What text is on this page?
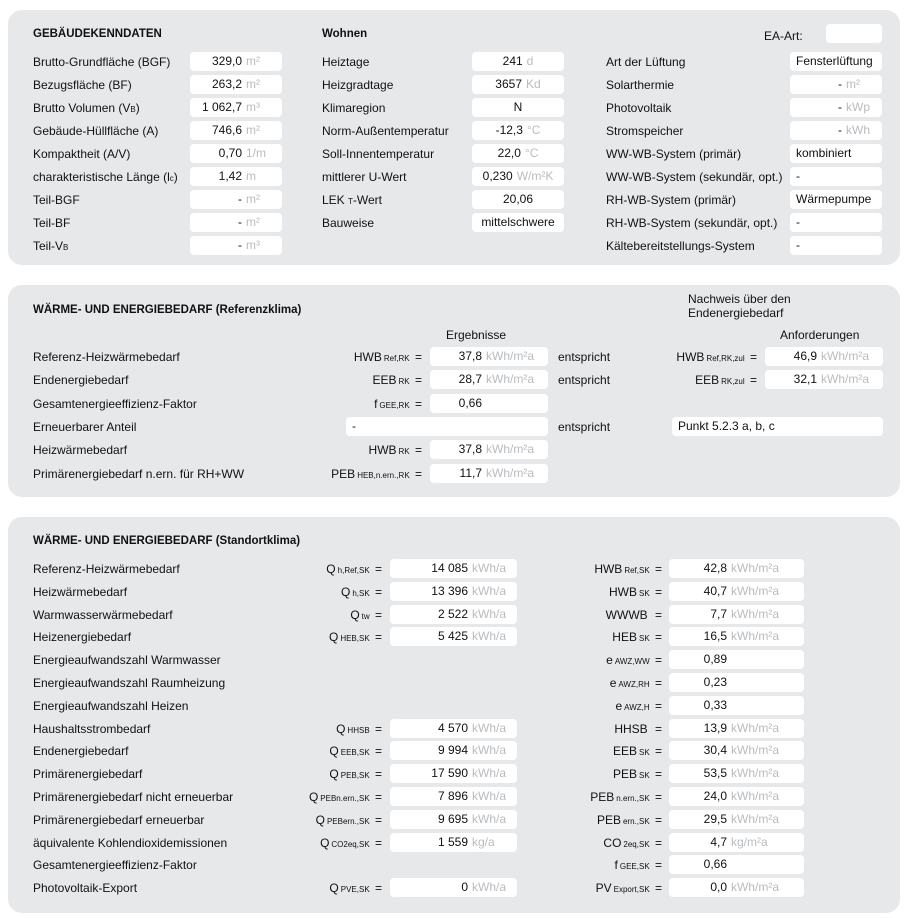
GEBÄUDEKENNDATEN	Wohnen	EA-Art:
Brutto-Grundfläche (BGF)	329,0 m²
Bezugsfläche (BF)	263,2 m²
Brutto Volumen (VB)	1 062,7 m³
Gebäude-Hüllfläche (A)	746,6 m²
Kompaktheit (A/V)	0,70 1/m
charakteristische Länge (lc)	1,42 m
Teil-BGF	- m²
Teil-BF	- m²
Teil-VB	- m³
Heiztage	241 d
Heizgradtage	3657 Kd
Klimaregion	N
Norm-Außentemperatur	-12,3 °C
Soll-Innentemperatur	22,0 °C
mittlerer U-Wert	0,230 W/m²K
LEK T-Wert	20,06
Bauweise	mittelschwere
Art der Lüftung	Fensterlüftung
Solarthermie	- m²
Photovoltaik	- kWp
Stromspeicher	- kWh
WW-WB-System (primär)	kombiniert
WW-WB-System (sekundär, opt.)	-
RH-WB-System (primär)	Wärmepumpe
RH-WB-System (sekundär, opt.)	-
Kältebereitstellungs-System	-
WÄRME- UND ENERGIEBEDARF (Referenzklima)
Nachweis über den
Endenergiebedarf
Ergebnisse	Anforderungen
Referenz-Heizwärmebedarf	HWB Ref,RK =	37,8 kWh/m²a	entspricht	HWB Ref,RK,zul =	46,9 kWh/m²a
Endenergiebedarf	EEB RK =	28,7 kWh/m²a	entspricht	EEB RK,zul =	32,1 kWh/m²a
Gesamtenergieeffizienz-Faktor	fGEE,RK =	0,66
Erneuerbarer Anteil	-	entspricht	Punkt 5.2.3 a, b, c
Heizwärmebedarf	HWB RK =	37,8 kWh/m²a
Primärenergiebedarf n.ern. für RH+WW	PEB HEB,n.ern.,RK =	11,7 kWh/m²a
WÄRME- UND ENERGIEBEDARF (Standortklima)
Referenz-Heizwärmebedarf	Qh,Ref,SK =	14 085 kWh/a	HWB Ref,SK =	42,8 kWh/m²a
Heizwärmebedarf	Qh,SK =	13 396 kWh/a	HWB SK =	40,7 kWh/m²a
Warmwasserwärmebedarf	Qtw =	2 522 kWh/a	WWWB =	7,7 kWh/m²a
Heizenergiebedarf	QHEB,SK =	5 425 kWh/a	HEB SK =	16,5 kWh/m²a
Energieaufwandszahl Warmwasser	eAWZ,WW =	0,89
Energieaufwandszahl Raumheizung	eAWZ,RH =	0,23
Energieaufwandszahl Heizen	eAWZ,H =	0,33
Haushaltsstrombedarf	QHHSB =	4 570 kWh/a	HHSB =	13,9 kWh/m²a
Endenergiebedarf	QEEB,SK =	9 994 kWh/a	EEB SK =	30,4 kWh/m²a
Primärenergiebedarf	QPEB,SK =	17 590 kWh/a	PEB SK =	53,5 kWh/m²a
Primärenergiebedarf nicht erneuerbar	Q PEBn.ern.,SK =	7 896 kWh/a	PEB n.ern.,SK =	24,0 kWh/m²a
Primärenergiebedarf erneuerbar	Q PEBern.,SK =	9 695 kWh/a	PEB ern.,SK =	29,5 kWh/m²a
äquivalente Kohlendioxidemissionen	QCO2eq,SK =	1 559 kg/a	CO 2eq,SK =	4,7 kg/m²a
Gesamtenergieeffizienz-Faktor	fGEE,SK =	0,66
Photovoltaik-Export	QPVE,SK =	0 kWh/a	PV Export,SK =	0,0 kWh/m²a
